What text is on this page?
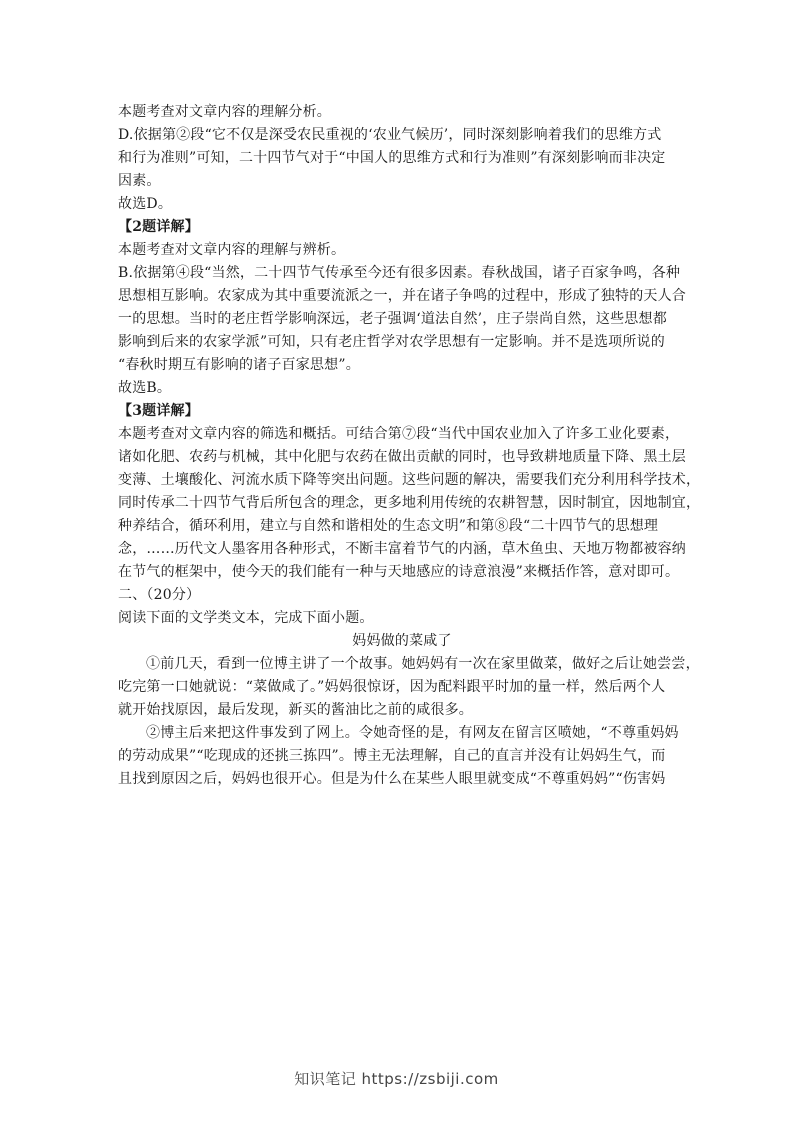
本题考查对文章内容的理解分析。
D.依据第②段“它不仅是深受农民重视的‘农业气候历’，同时深刻影响着我们的思维方式
和行为准则”可知，二十四节气对于“中国人的思维方式和行为准则”有深刻影响而非决定
因素。
故选D。
【2题详解】
本题考查对文章内容的理解与辨析。
B.依据第④段“当然，二十四节气传承至今还有很多因素。春秋战国，诸子百家争鸣，各种
思想相互影响。农家成为其中重要流派之一，并在诸子争鸣的过程中，形成了独特的天人合
一的思想。当时的老庄哲学影响深远，老子强调‘道法自然’，庄子崇尚自然，这些思想都
影响到后来的农家学派”可知，只有老庄哲学对农学思想有一定影响。并不是选项所说的
“春秋时期互有影响的诸子百家思想”。
故选B。
【3题详解】
本题考查对文章内容的筛选和概括。可结合第⑦段“当代中国农业加入了许多工业化要素，
诸如化肥、农药与机械，其中化肥与农药在做出贡献的同时，也导致耕地质量下降、黑土层
变薄、土壤酸化、河流水质下降等突出问题。这些问题的解决，需要我们充分利用科学技术，
同时传承二十四节气背后所包含的理念，更多地利用传统的农耕智慧，因时制宜，因地制宜，
种养结合，循环利用，建立与自然和谐相处的生态文明”和第⑧段“二十四节气的思想理
念，……历代文人墨客用各种形式，不断丰富着节气的内涵，草木鱼虫、天地万物都被容纳
在节气的框架中，使今天的我们能有一种与天地感应的诗意浪漫”来概括作答，意对即可。
二、（20分）
阅读下面的文学类文本，完成下面小题。
妈妈做的菜咸了
①前几天，看到一位博主讲了一个故事。她妈妈有一次在家里做菜，做好之后让她尝尝，
吃完第一口她就说：“菜做咸了。”妈妈很惊讶，因为配料跟平时加的量一样，然后两个人
就开始找原因，最后发现，新买的酱油比之前的咸很多。
②博主后来把这件事发到了网上。令她奇怪的是，有网友在留言区喷她，“不尊重妈妈
的劳动成果”“吃现成的还挑三拣四”。博主无法理解，自己的直言并没有让妈妈生气，而
且找到原因之后，妈妈也很开心。但是为什么在某些人眼里就变成“不尊重妈妈”“伤害妈
知识笔记 https://zsbiji.com
